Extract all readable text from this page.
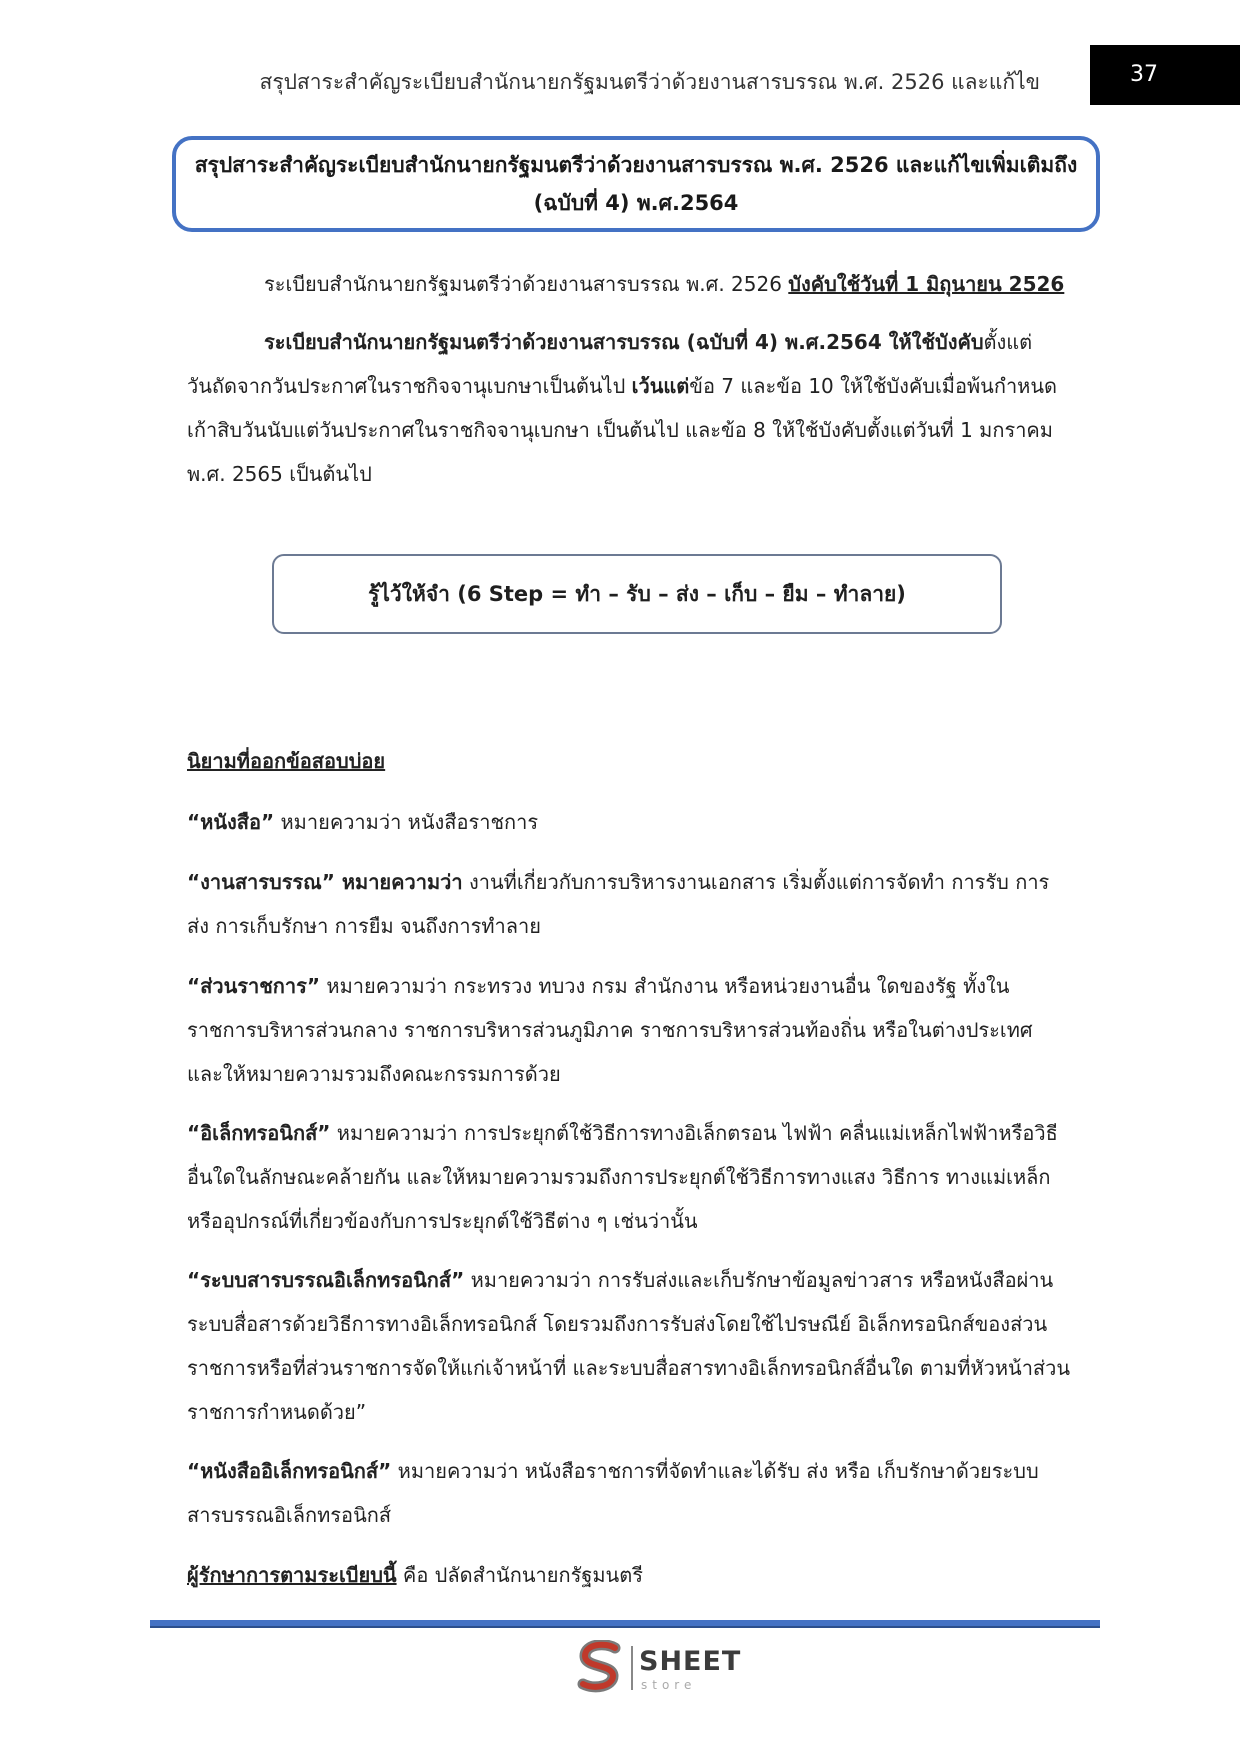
สรุปสาระสำคัญระเบียบสำนักนายกรัฐมนตรีว่าด้วยงานสารบรรณ พ.ศ. 2526 และแก้ไข	37
สรุปสาระสำคัญระเบียบสำนักนายกรัฐมนตรีว่าด้วยงานสารบรรณ พ.ศ. 2526 และแก้ไขเพิ่มเติมถึง
(ฉบับที่ 4) พ.ศ.2564
ระเบียบสำนักนายกรัฐมนตรีว่าด้วยงานสารบรรณ พ.ศ. 2526 บังคับใช้วันที่ 1 มิถุนายน 2526
ระเบียบสำนักนายกรัฐมนตรีว่าด้วยงานสารบรรณ (ฉบับที่ 4) พ.ศ.2564 ให้ใช้บังคับตั้งแต่
วันถัดจากวันประกาศในราชกิจจานุเบกษาเป็นต้นไป เว้นแต่ข้อ 7 และข้อ 10 ให้ใช้บังคับเมื่อพ้นกำหนด
เก้าสิบวันนับแต่วันประกาศในราชกิจจานุเบกษา เป็นต้นไป และข้อ 8 ให้ใช้บังคับตั้งแต่วันที่ 1 มกราคม
พ.ศ. 2565 เป็นต้นไป
รู้ไว้ให้จำ (6 Step = ทำ – รับ – ส่ง – เก็บ – ยืม – ทำลาย)
นิยามที่ออกข้อสอบบ่อย
“หนังสือ” หมายความว่า หนังสือราชการ
“งานสารบรรณ” หมายความว่า งานที่เกี่ยวกับการบริหารงานเอกสาร เริ่มตั้งแต่การจัดทำ การรับ การ
ส่ง การเก็บรักษา การยืม จนถึงการทำลาย
“ส่วนราชการ” หมายความว่า กระทรวง ทบวง กรม สำนักงาน หรือหน่วยงานอื่น ใดของรัฐ ทั้งใน
ราชการบริหารส่วนกลาง ราชการบริหารส่วนภูมิภาค ราชการบริหารส่วนท้องถิ่น หรือในต่างประเทศ
และให้หมายความรวมถึงคณะกรรมการด้วย
“อิเล็กทรอนิกส์” หมายความว่า การประยุกต์ใช้วิธีการทางอิเล็กตรอน ไฟฟ้า คลื่นแม่เหล็กไฟฟ้าหรือวิธี
อื่นใดในลักษณะคล้ายกัน และให้หมายความรวมถึงการประยุกต์ใช้วิธีการทางแสง วิธีการ ทางแม่เหล็ก
หรืออุปกรณ์ที่เกี่ยวข้องกับการประยุกต์ใช้วิธีต่าง ๆ เช่นว่านั้น
“ระบบสารบรรณอิเล็กทรอนิกส์” หมายความว่า การรับส่งและเก็บรักษาข้อมูลข่าวสาร หรือหนังสือผ่าน
ระบบสื่อสารด้วยวิธีการทางอิเล็กทรอนิกส์ โดยรวมถึงการรับส่งโดยใช้ไปรษณีย์ อิเล็กทรอนิกส์ของส่วน
ราชการหรือที่ส่วนราชการจัดให้แก่เจ้าหน้าที่ และระบบสื่อสารทางอิเล็กทรอนิกส์อื่นใด ตามที่หัวหน้าส่วน
ราชการกำหนดด้วย”
“หนังสืออิเล็กทรอนิกส์” หมายความว่า หนังสือราชการที่จัดทำและได้รับ ส่ง หรือ เก็บรักษาด้วยระบบ
สารบรรณอิเล็กทรอนิกส์
ผู้รักษาการตามระเบียบนี้ คือ ปลัดสำนักนายกรัฐมนตรี
SHEET
store
